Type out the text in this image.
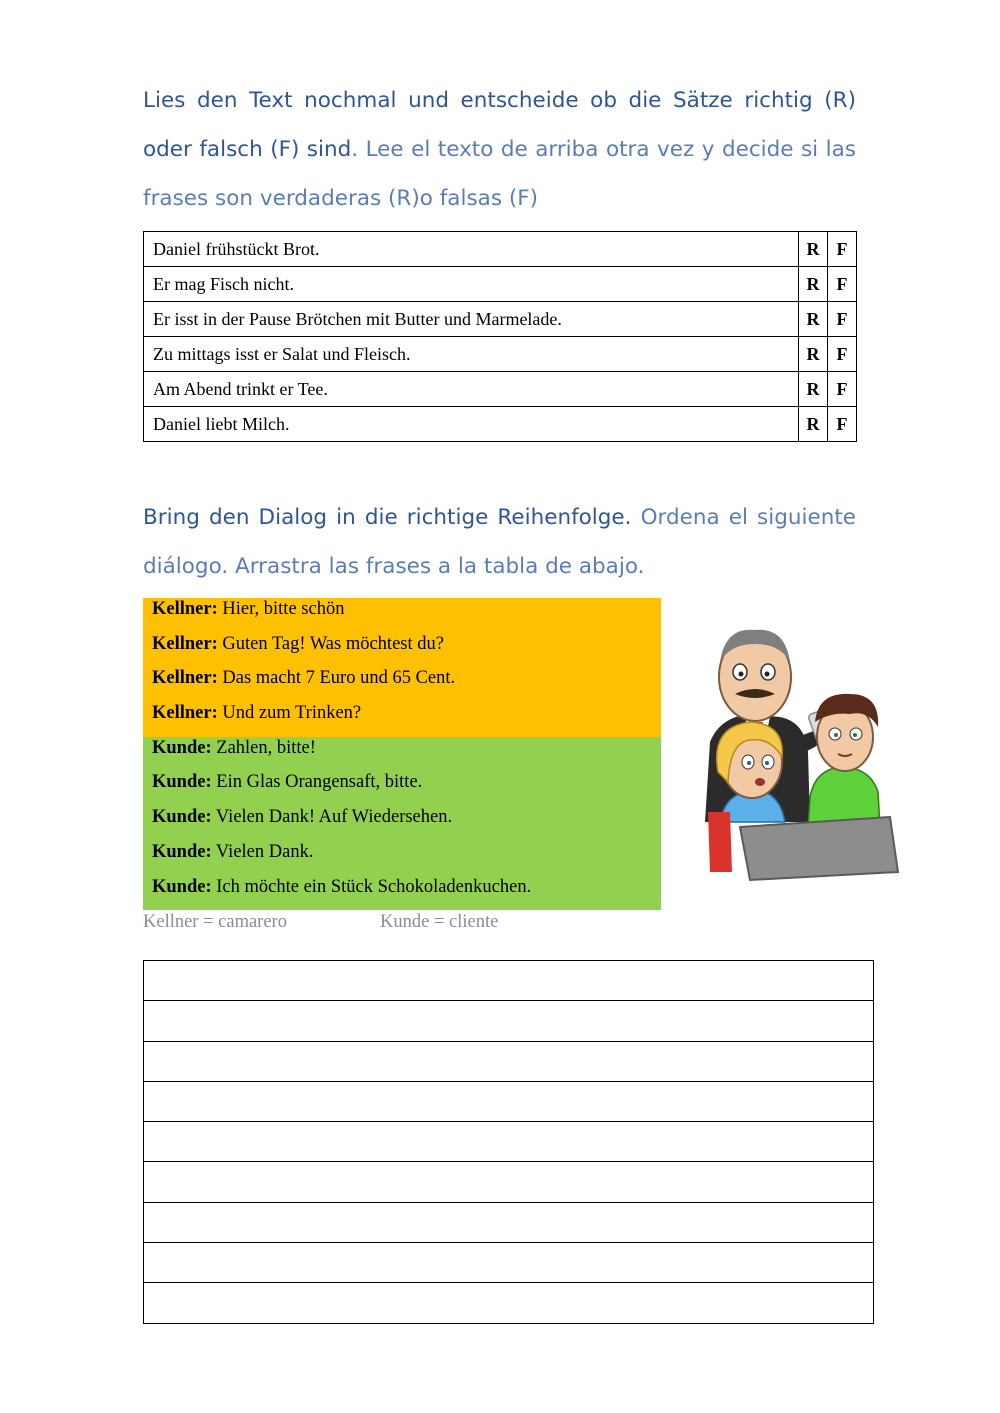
Lies den Text nochmal und entscheide ob die Sätze richtig (R) oder falsch (F) sind. Lee el texto de arriba otra vez y decide si las frases son verdaderas (R)o falsas (F)

Daniel frühstückt Brot.	R	F
Er mag Fisch nicht.	R	F
Er isst in der Pause Brötchen mit Butter und Marmelade.	R	F
Zu mittags isst er Salat und Fleisch.	R	F
Am Abend trinkt er Tee.	R	F
Daniel liebt Milch.	R	F

Bring den Dialog in die richtige Reihenfolge. Ordena el siguiente diálogo. Arrastra las frases a la tabla de abajo.

Kellner: Hier, bitte schön
Kellner: Guten Tag! Was möchtest du?
Kellner: Das macht 7 Euro und 65 Cent.
Kellner: Und zum Trinken?
Kunde: Zahlen, bitte!
Kunde: Ein Glas Orangensaft, bitte.
Kunde: Vielen Dank! Auf Wiedersehen.
Kunde: Vielen Dank.
Kunde: Ich möchte ein Stück Schokoladenkuchen.
Kellner = camarero	Kunde = cliente
